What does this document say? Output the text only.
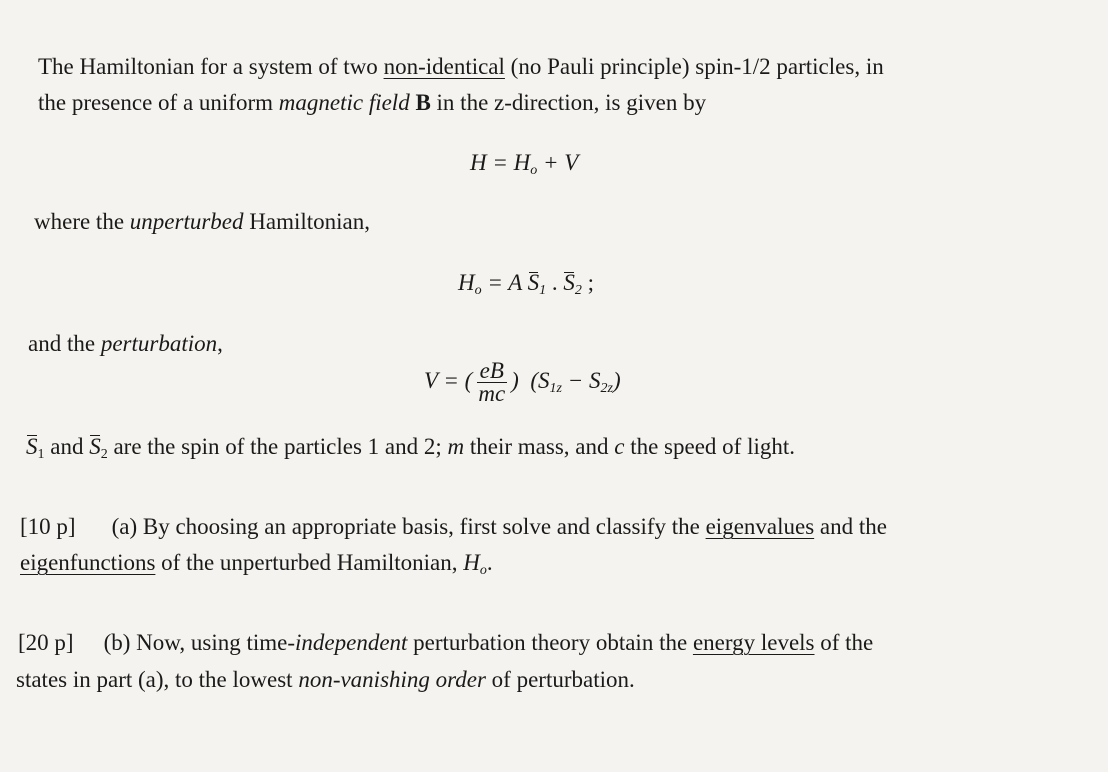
The Hamiltonian for a system of two non-identical (no Pauli principle) spin-1/2 particles, in
the presence of a uniform magnetic field B in the z-direction, is given by
$H = H_o + V$
where the unperturbed Hamiltonian,
$H_o = A$ $S_1$ . $S_2$ ;
and the perturbation,
V = ( $\frac{eB}{mc}$ ) $(S_{1z} - S_{2z})$
$S_1$ and $S_2$ are the spin of the particles 1 and 2; m their mass, and c the speed of light.
[10 p] (a) By choosing an appropriate basis, first solve and classify the eigenvalues and the
eigenfunctions of the unperturbed Hamiltonian, $H_o$.
[20 p] (b) Now, using time-independent perturbation theory obtain the energy levels of the
states in part (a), to the lowest non-vanishing order of perturbation.
